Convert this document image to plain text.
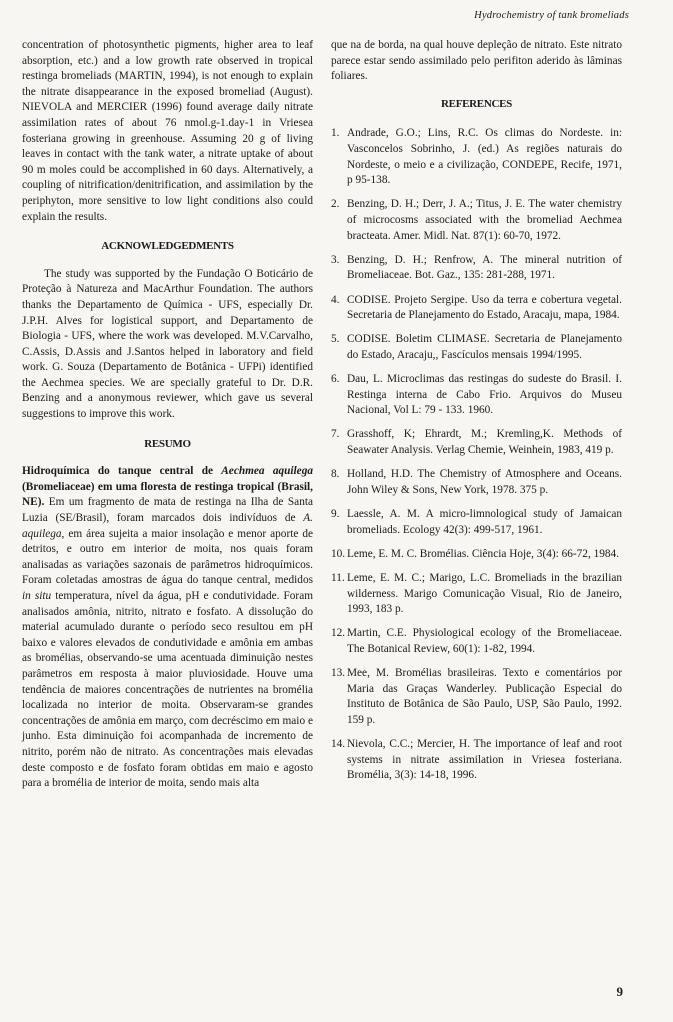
Hydrochemistry of tank bromeliads

concentration of photosynthetic pigments, higher area to leaf absorption, etc.) and a low growth rate observed in tropical restinga bromeliads (MARTIN, 1994), is not enough to explain the nitrate disappearance in the exposed bromeliad (August). NIEVOLA and MERCIER (1996) found average daily nitrate assimilation rates of about 76 nmol.g-1.day-1 in Vriesea fosteriana growing in greenhouse. Assuming 20 g of living leaves in contact with the tank water, a nitrate uptake of about 90 m moles could be accomplished in 60 days. Alternatively, a coupling of nitrification/denitrification, and assimilation by the periphyton, more sensitive to low light conditions also could explain the results.

ACKNOWLEDGEDMENTS

The study was supported by the Fundação O Boticário de Proteção à Natureza and MacArthur Foundation. The authors thanks the Departamento de Química - UFS, especially Dr. J.P.H. Alves for logistical support, and Departamento de Biologia - UFS, where the work was developed. M.V.Carvalho, C.Assis, D.Assis and J.Santos helped in laboratory and field work. G. Souza (Departamento de Botânica - UFPi) identified the Aechmea species. We are specially grateful to Dr. D.R. Benzing and a anonymous reviewer, which gave us several suggestions to improve this work.

RESUMO

Hidroquímica do tanque central de Aechmea aquilega (Bromeliaceae) em uma floresta de restinga tropical (Brasil, NE). Em um fragmento de mata de restinga na Ilha de Santa Luzia (SE/Brasil), foram marcados dois indivíduos de A. aquilega, em área sujeita a maior insolação e menor aporte de detritos, e outro em interior de moita, nos quais foram analisadas as variações sazonais de parâmetros hidroquímicos. Foram coletadas amostras de água do tanque central, medidos in situ temperatura, nível da água, pH e condutividade. Foram analisados amônia, nitrito, nitrato e fosfato. A dissolução do material acumulado durante o período seco resultou em pH baixo e valores elevados de condutividade e amônia em ambas as bromélias, observando-se uma acentuada diminuição nestes parâmetros em resposta à maior pluviosidade. Houve uma tendência de maiores concentrações de nutrientes na bromélia localizada no interior de moita. Observaram-se grandes concentrações de amônia em março, com decréscimo em maio e junho. Esta diminuição foi acompanhada de incremento de nitrito, porém não de nitrato. As concentrações mais elevadas deste composto e de fosfato foram obtidas em maio e agosto para a bromélia de interior de moita, sendo mais alta

que na de borda, na qual houve depleção de nitrato. Este nitrato parece estar sendo assimilado pelo perifiton aderido às lâminas foliares.

REFERENCES
1. Andrade, G.O.; Lins, R.C. Os climas do Nordeste. in: Vasconcelos Sobrinho, J. (ed.) As regiões naturais do Nordeste, o meio e a civilização, CONDEPE, Recife, 1971, p 95-138.
2. Benzing, D. H.; Derr, J. A.; Titus, J. E. The water chemistry of microcosms associated with the bromeliad Aechmea bracteata. Amer. Midl. Nat. 87(1): 60-70, 1972.
3. Benzing, D. H.; Renfrow, A. The mineral nutrition of Bromeliaceae. Bot. Gaz., 135: 281-288, 1971.
4. CODISE. Projeto Sergipe. Uso da terra e cobertura vegetal. Secretaria de Planejamento do Estado, Aracaju, mapa, 1984.
5. CODISE. Boletim CLIMASE. Secretaria de Planejamento do Estado, Aracaju,, Fascículos mensais 1994/1995.
6. Dau, L. Microclimas das restingas do sudeste do Brasil. I. Restinga interna de Cabo Frio. Arquivos do Museu Nacional, Vol L: 79 - 133. 1960.
7. Grasshoff, K; Ehrardt, M.; Kremling,K. Methods of Seawater Analysis. Verlag Chemie, Weinhein, 1983, 419 p.
8. Holland, H.D. The Chemistry of Atmosphere and Oceans. John Wiley & Sons, New York, 1978. 375 p.
9. Laessle, A. M. A micro-limnological study of Jamaican bromeliads. Ecology 42(3): 499-517, 1961.
10. Leme, E. M. C. Bromélias. Ciência Hoje, 3(4): 66-72, 1984.
11. Leme, E. M. C.; Marigo, L.C. Bromeliads in the brazilian wilderness. Marigo Comunicação Visual, Rio de Janeiro, 1993, 183 p.
12. Martin, C.E. Physiological ecology of the Bromeliaceae. The Botanical Review, 60(1): 1-82, 1994.
13. Mee, M. Bromélias brasileiras. Texto e comentários por Maria das Graças Wanderley. Publicação Especial do Instituto de Botânica de São Paulo, USP, São Paulo, 1992. 159 p.
14. Nievola, C.C.; Mercier, H. The importance of leaf and root systems in nitrate assimilation in Vriesea fosteriana. Bromélia, 3(3): 14-18, 1996.
9
